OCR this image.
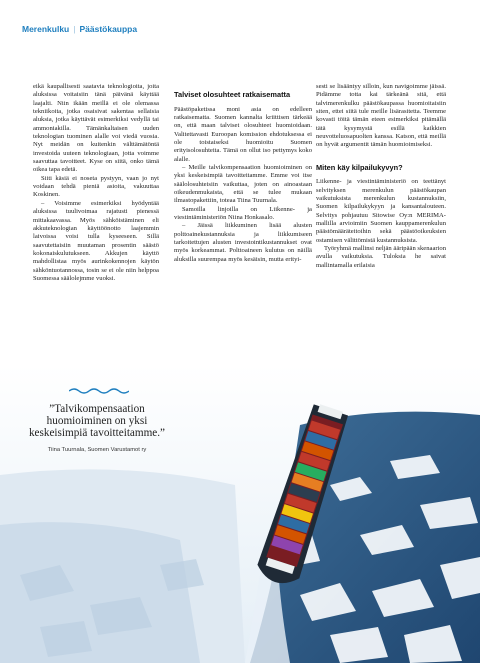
Merenkulku | Päästökauppa

eikä kaupallisesti saatavia teknologioita, joita aluksissa voitaisiin tänä päivänä käyttää laajalti. Niin ikään meillä ei ole olemassa tekniikoita, jotka osaisivat sakentaa sellaisia aluksia, jotka käyttävät esimerkiksi vedyllä tai ammoniakilla. Tämänkaltaisen uuden teknologian tuominen alalle voi viedä vuosia. Nyt meidän on kuitenkin välttämätöntä investoida uuteen teknologiaan, jotta voimme saavuttaa tavoitteet. Kyse on siitä, onko tämä oikea tapa edetä.

Siiti käsiä ei noseta pystyyn, vaan jo nyt voidaan tehdä pieniä asioita, vakuuttaa Koskinen.

– Voisimme esimerkiksi hyödyntää aluksissa tuulivoimaa rajatusti pienessä mittakaavassa. Myös sähköistäminen eli akkuteknologian käyttöönotto laajemmin laivoissa voisi tulla kyseeseen. Sillä saavutettaisiin muutaman prosentin säästö kokonaiskulutukseen. Akkujen käyttö mahdollistaa myös aurinkokennojen käytön sähköntuotannossa, tosin se ei ole niin helppoa Suomessa säälolejmme vuoksi.

Talviset olosuhteet ratkaisemattа

Päästöpaketissa moni asia on edelleen ratkaisematta. Suomen kannalta kriittisen tärkeää on, että maan talviset olosuhteet huomioidaan. Valitettavasti Euroopan komission ehdotuksessa ei ole toistaiseksi huomioitu Suomen erityisolosuhteita. Tämä on ollut iso pettymys koko alalle.

– Meille talvikompensaation huomioiminen on yksi keskeisimpiä tavoitteitamme. Emme voi itse säälolosuhteisiin vaikuttaa, joten on ainoastaan oikeudenmukaista, että se tulee mukaan ilmastopakettiin, toteaa Tiina Tuurnala.

Samoilla linjoilla on Liikenne- ja viestintäministeriön Niina Honkasalo.

– Jäissä liikkuminen lisää alusten polttoainekustannuksia ja liikkumiseen tarkoitettujen alusten investointikustannukset ovat myös korkeammat. Polttoaineen kulutus on näillä aluksilla suurempaa myös kesäisin, mutta erityi-

sesti se lisääntyy silloin, kun navigoimme jäissä. Pidämme totta kai tärkeänä sitä, että talvimerenkulku päästökaupassa huomioitaisiin siten, ettei siitä tule meille lisärasitetta. Teemme kovasti töitä tämän eteen esimerkiksi pitämällä tätä kysymystä esillä kaikkien neuvotteluosapuolten kanssa. Katson, että meillä on hyvät argumentit tämän huomioimiseksi.

Miten käy kilpailukyvyn?

Liikenne- ja viestintäministeriö on teettänyt selvityksen merenkulun päästökaupan vaikutuksista merenkulun kustannuksiin, Suomen kilpailukykyyn ja kansantalouteen. Selvitys pohjautuu Sitowise Oy:n MERIMA-mallilla arvioimiin Suomen kauppamerenkulun päästömääräteitoihin sekä päästöoikeuksien ostamisen välittömistä kustannuksista.

Työryhmä mallinsi neljän ääripään skenaarion avulla vaikutuksia. Tuloksia he saivat mallintamalla erilaisia

”Talvikompensaation huomioiminen on yksi keskeisimpiä tavoitteitamme.”

Tiina Tuurnala, Suomen Varustamot ry
